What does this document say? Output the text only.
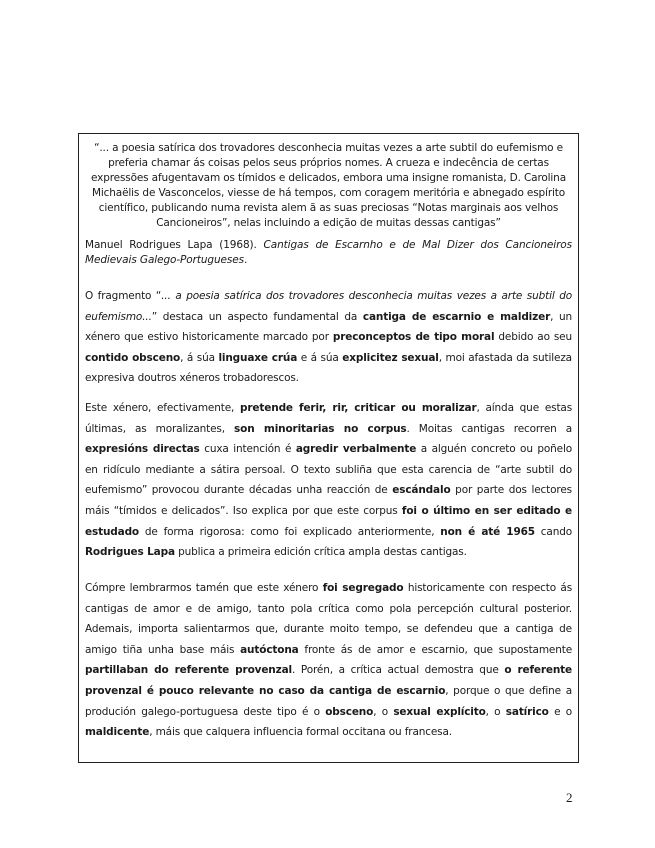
“... a poesia satírica dos trovadores desconhecia muitas vezes a arte subtil do eufemismo e preferia chamar ás coisas pelos seus próprios nomes. A crueza e indecência de certas expressões afugentavam os tímidos e delicados, embora uma insigne romanista, D. Carolina Michaëlis de Vasconcelos, viesse de há tempos, com coragem meritória e abnegado espírito científico, publicando numa revista alem ã as suas preciosas “Notas marginais aos velhos Cancioneiros”, nelas incluindo a edição de muitas dessas cantigas”

Manuel Rodrigues Lapa (1968). Cantigas de Escarnho e de Mal Dizer dos Cancioneiros Medievais Galego-Portugueses.

O fragmento “... a poesia satírica dos trovadores desconhecia muitas vezes a arte subtil do eufemismo...” destaca un aspecto fundamental da cantiga de escarnio e maldizer, un xénero que estivo historicamente marcado por preconceptos de tipo moral debido ao seu contido obsceno, á súa linguaxe crúa e á súa explicitez sexual, moi afastada da sutileza expresiva doutros xéneros trobadorescos.

Este xénero, efectivamente, pretende ferir, rir, criticar ou moralizar, aínda que estas últimas, as moralizantes, son minoritarias no corpus. Moitas cantigas recorren a expresións directas cuxa intención é agredir verbalmente a alguén concreto ou poñelo en ridículo mediante a sátira persoal. O texto subliña que esta carencia de “arte subtil do eufemismo” provocou durante décadas unha reacción de escándalo por parte dos lectores máis “tímidos e delicados”. Iso explica por que este corpus foi o último en ser editado e estudado de forma rigorosa: como foi explicado anteriormente, non é até 1965 cando Rodrigues Lapa publica a primeira edición crítica ampla destas cantigas.

Cómpre lembrarmos tamén que este xénero foi segregado historicamente con respecto ás cantigas de amor e de amigo, tanto pola crítica como pola percepción cultural posterior. Ademais, importa salientarmos que, durante moito tempo, se defendeu que a cantiga de amigo tiña unha base máis autóctona fronte ás de amor e escarnio, que supostamente partillaban do referente provenzal. Porén, a crítica actual demostra que o referente provenzal é pouco relevante no caso da cantiga de escarnio, porque o que define a produción galego-portuguesa deste tipo é o obsceno, o sexual explícito, o satírico e o maldicente, máis que calquera influencia formal occitana ou francesa.

2
